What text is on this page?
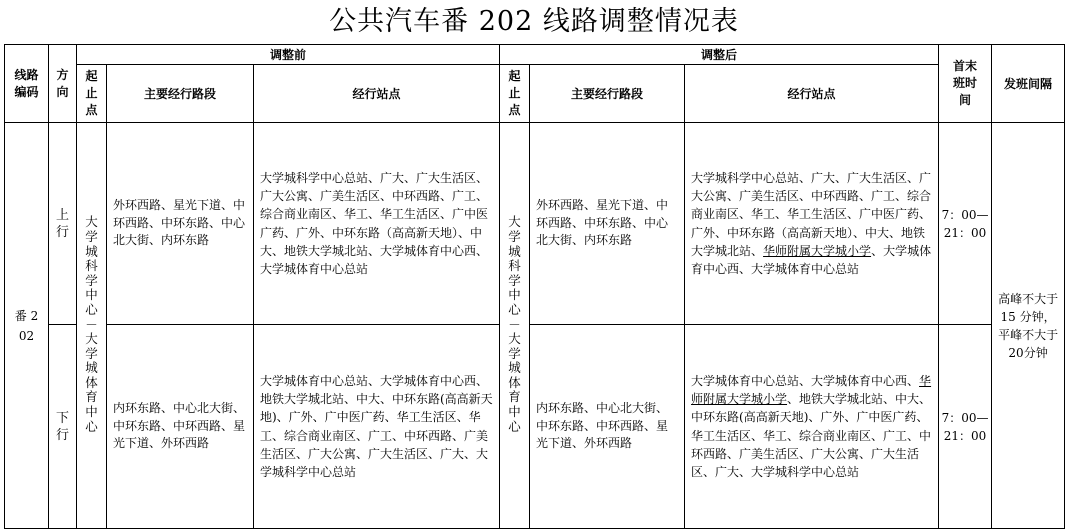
公共汽车番 202 线路调整情况表
线路编码	方向	调整前			调整后			首末班时间	发班间隔
		起止点	主要经行路段	经行站点	起止点	主要经行路段	经行站点		
番 202	上行	大学城科学中心－大学城体育中心	外环西路、星光下道、中环西路、中环东路、中心北大街、内环东路	大学城科学中心总站、广大、广大生活区、广大公寓、广美生活区、中环西路、广工、综合商业南区、华工、华工生活区、广中医广药、广外、中环东路（高高新天地）、中大、地铁大学城北站、大学城体育中心西、大学城体育中心总站	大学城科学中心－大学城体育中心	外环西路、星光下道、中环西路、中环东路、中心北大街、内环东路	大学城科学中心总站、广大、广大生活区、广大公寓、广美生活区、中环西路、广工、综合商业南区、华工、华工生活区、广中医广药、广外、中环东路（高高新天地）、中大、地铁大学城北站、华师附属大学城小学、大学城体育中心西、大学城体育中心总站	7：00—21：00	高峰不大于 15 分钟，平峰不大于 20分钟
	下行		内环东路、中心北大街、中环东路、中环西路、星光下道、外环西路	大学城体育中心总站、大学城体育中心西、地铁大学城北站、中大、中环东路(高高新天地)、广外、广中医广药、华工生活区、华工、综合商业南区、广工、中环西路、广美生活区、广大公寓、广大生活区、广大、大学城科学中心总站		内环东路、中心北大街、中环东路、中环西路、星光下道、外环西路	大学城体育中心总站、大学城体育中心西、华师附属大学城小学、地铁大学城北站、中大、中环东路(高高新天地)、广外、广中医广药、华工生活区、华工、综合商业南区、广工、中环西路、广美生活区、广大公寓、广大生活区、广大、大学城科学中心总站	7：00—21：00	
